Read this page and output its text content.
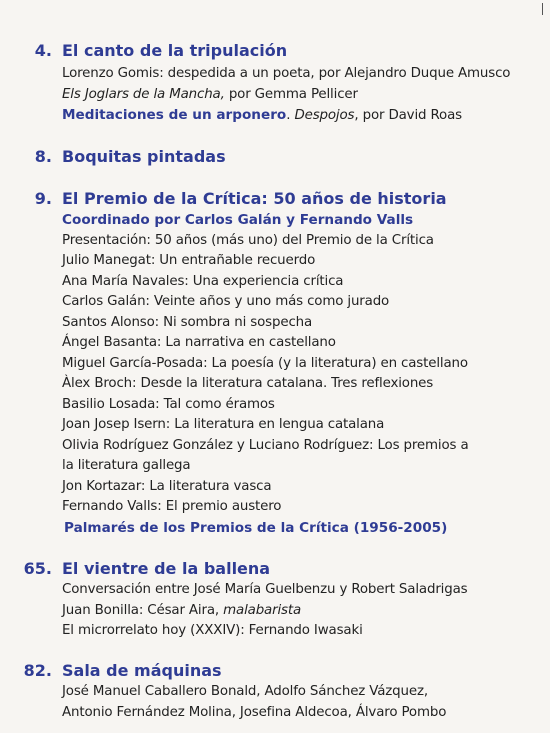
4. El canto de la tripulación
Lorenzo Gomis: despedida a un poeta, por Alejandro Duque Amusco
Els Joglars de la Mancha, por Gemma Pellicer
Meditaciones de un arponero. Despojos, por David Roas
8. Boquitas pintadas
9. El Premio de la Crítica: 50 años de historia
Coordinado por Carlos Galán y Fernando Valls
Presentación: 50 años (más uno) del Premio de la Crítica
Julio Manegat: Un entrañable recuerdo
Ana María Navales: Una experiencia crítica
Carlos Galán: Veinte años y uno más como jurado
Santos Alonso: Ni sombra ni sospecha
Ángel Basanta: La narrativa en castellano
Miguel García-Posada: La poesía (y la literatura) en castellano
Àlex Broch: Desde la literatura catalana. Tres reflexiones
Basilio Losada: Tal como éramos
Joan Josep Isern: La literatura en lengua catalana
Olivia Rodríguez González y Luciano Rodríguez: Los premios a
la literatura gallega
Jon Kortazar: La literatura vasca
Fernando Valls: El premio austero
Palmarés de los Premios de la Crítica (1956-2005)
65. El vientre de la ballena
Conversación entre José María Guelbenzu y Robert Saladrigas
Juan Bonilla: César Aira, malabarista
El microrrelato hoy (XXXIV): Fernando Iwasaki
82. Sala de máquinas
José Manuel Caballero Bonald, Adolfo Sánchez Vázquez,
Antonio Fernández Molina, Josefina Aldecoa, Álvaro Pombo
